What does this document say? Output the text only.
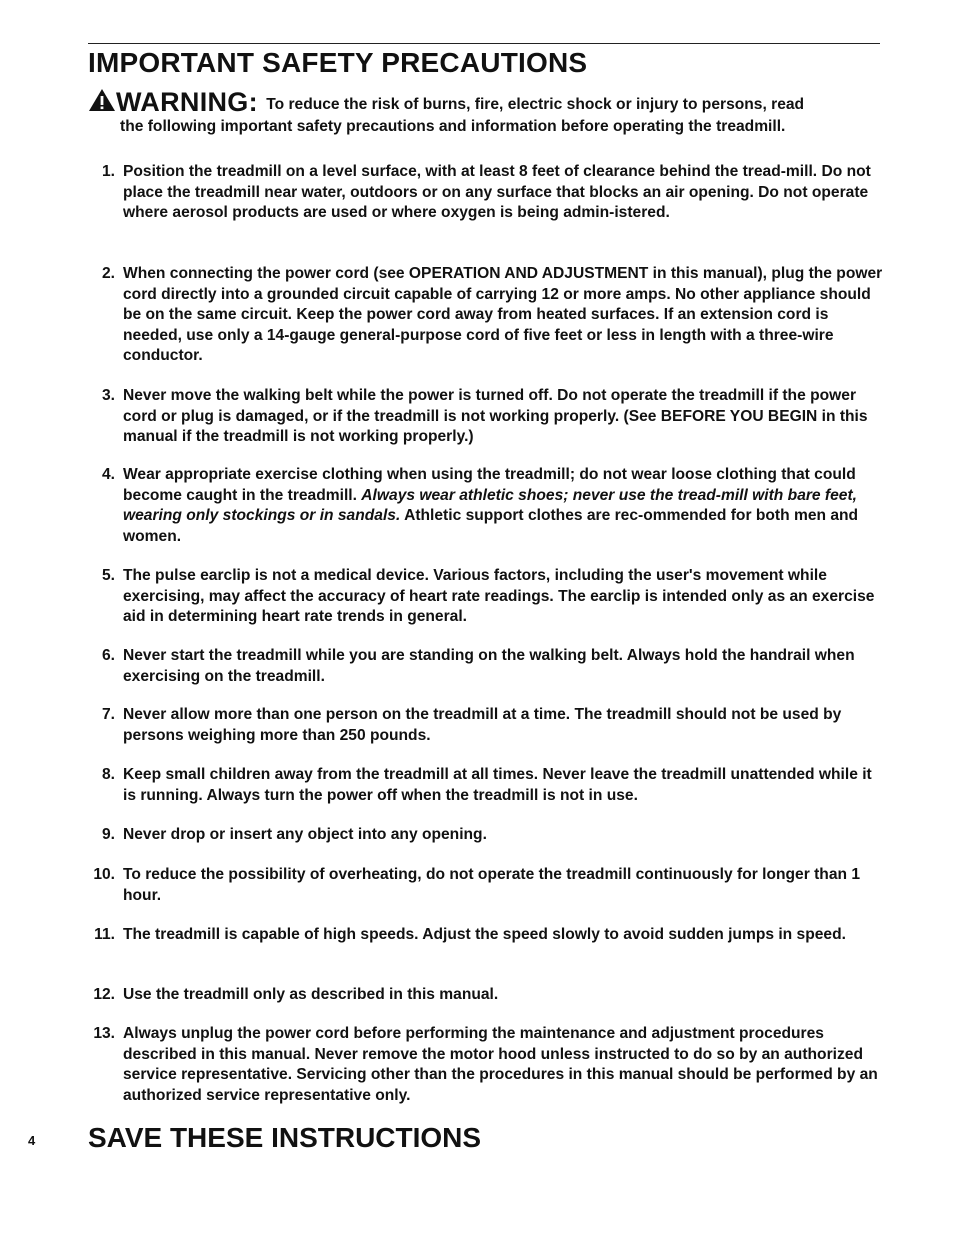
IMPORTANT SAFETY PRECAUTIONS
WARNING: To reduce the risk of burns, fire, electric shock or injury to persons, read
the following important safety precautions and information before operating the treadmill.
1. Position the treadmill on a level surface, with at least 8 feet of clearance behind the tread-mill. Do not place the treadmill near water, outdoors or on any surface that blocks an air opening. Do not operate where aerosol products are used or where oxygen is being admin-istered.
2. When connecting the power cord (see OPERATION AND ADJUSTMENT in this manual), plug the power cord directly into a grounded circuit capable of carrying 12 or more amps. No other appliance should be on the same circuit. Keep the power cord away from heated surfaces. If an extension cord is needed, use only a 14-gauge general-purpose cord of five feet or less in length with a three-wire conductor.
3. Never move the walking belt while the power is turned off. Do not operate the treadmill if the power cord or plug is damaged, or if the treadmill is not working properly. (See BEFORE YOU BEGIN in this manual if the treadmill is not working properly.)
4. Wear appropriate exercise clothing when using the treadmill; do not wear loose clothing that could become caught in the treadmill. Always wear athletic shoes; never use the tread-mill with bare feet, wearing only stockings or in sandals. Athletic support clothes are rec-ommended for both men and women.
5. The pulse earclip is not a medical device. Various factors, including the user's movement while exercising, may affect the accuracy of heart rate readings. The earclip is intended only as an exercise aid in determining heart rate trends in general.
6. Never start the treadmill while you are standing on the walking belt. Always hold the handrail when exercising on the treadmill.
7. Never allow more than one person on the treadmill at a time. The treadmill should not be used by persons weighing more than 250 pounds.
8. Keep small children away from the treadmill at all times. Never leave the treadmill unattended while it is running. Always turn the power off when the treadmill is not in use.
9. Never drop or insert any object into any opening.
10. To reduce the possibility of overheating, do not operate the treadmill continuously for longer than 1 hour.
11. The treadmill is capable of high speeds. Adjust the speed slowly to avoid sudden jumps in speed.
12. Use the treadmill only as described in this manual.
13. Always unplug the power cord before performing the maintenance and adjustment procedures described in this manual. Never remove the motor hood unless instructed to do so by an authorized service representative. Servicing other than the procedures in this manual should be performed by an authorized service representative only.
4 SAVE THESE INSTRUCTIONS
